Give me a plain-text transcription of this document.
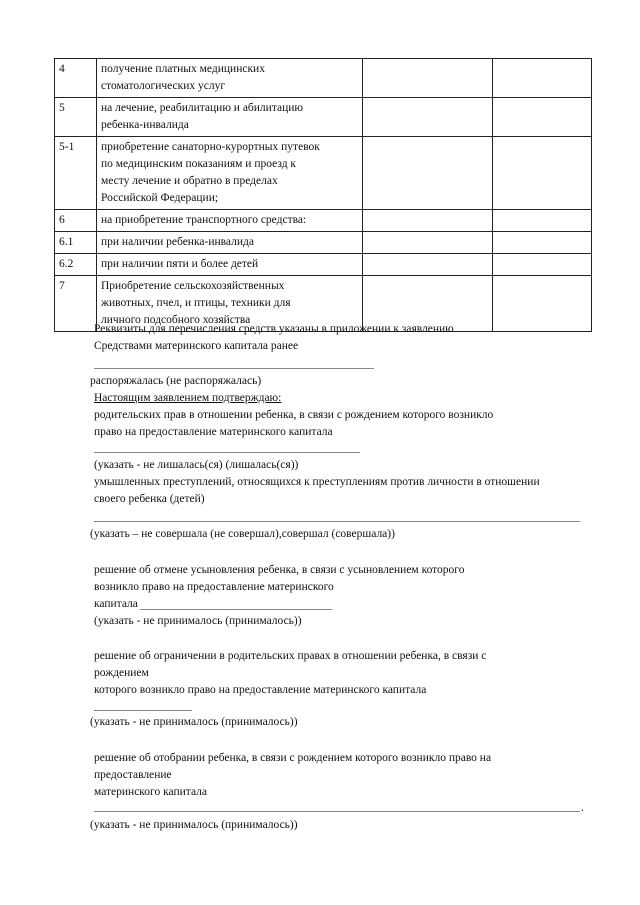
4	получение платных медицинских
стоматологических услуг		
5	на лечение, реабилитацию и абилитацию
ребенка-инвалида		
5-1	приобретение санаторно-курортных путевок
по медицинским показаниям и проезд к
месту лечение и обратно в пределах
Российской Федерации;		
6	на приобретение транспортного средства:		
6.1	при наличии ребенка-инвалида		
6.2	при наличии пяти и более детей		
7	Приобретение сельскохозяйственных
животных, пчел, и птицы, техники для
личного подсобного хозяйства		
Реквизиты для перечисления средств указаны в приложении к заявлению
Средствами материнского капитала ранее
распоряжалась (не распоряжалась)
Настоящим заявлением подтверждаю:
родительских прав в отношении ребенка, в связи с рождением которого возникло
право на предоставление материнского капитала
(указать - не лишалась(ся) (лишалась(ся))
умышленных преступлений, относящихся к преступлениям против личности в отношении
своего ребенка (детей)
(указать – не совершала (не совершал),совершал (совершала))
решение об отмене усыновления ребенка, в связи с усыновлением которого
возникло право на предоставление материнского
капитала
(указать - не принималось (принималось))
решение об ограничении в родительских правах в отношении ребенка, в связи с
рождением
которого возникло право на предоставление материнского капитала
(указать - не принималось (принималось))
решение об отобрании ребенка, в связи с рождением которого возникло право на
предоставление
материнского капитала
.
(указать - не принималось (принималось))
